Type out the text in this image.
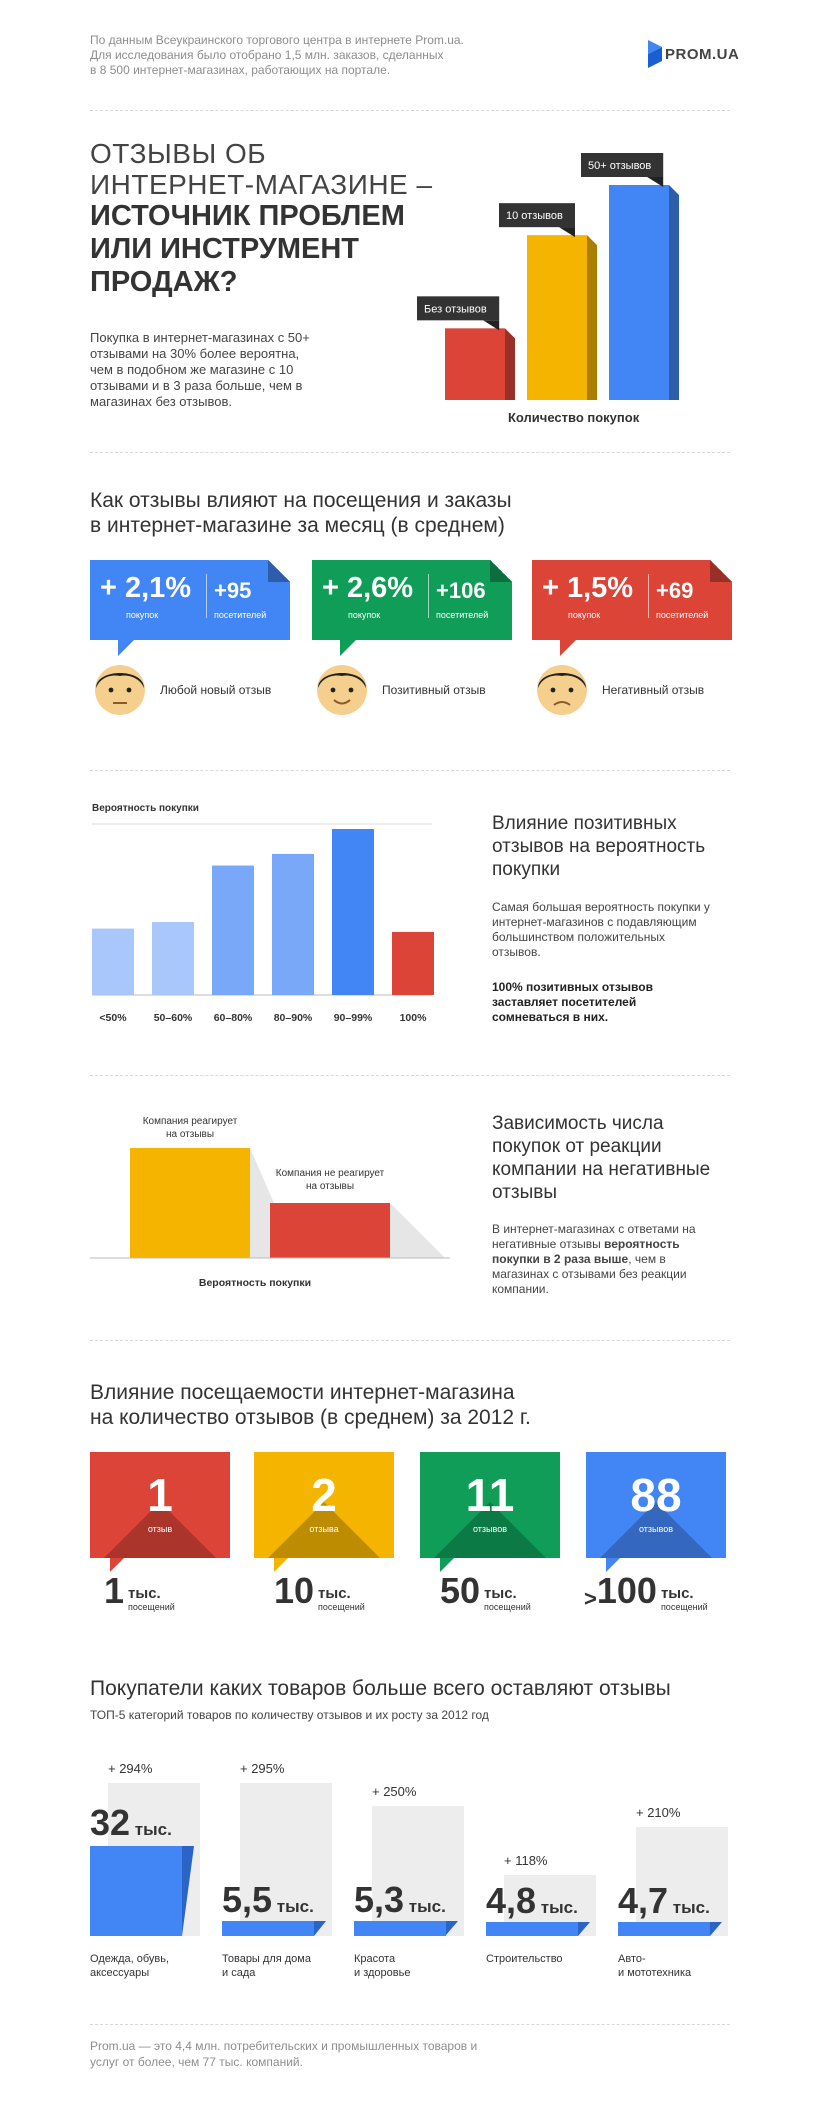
По данным Всеукраинского торгового центра в интернете Prom.ua.
Для исследования было отобрано 1,5 млн. заказов, сделанных
в 8 500 интернет-магазинах, работающих на портале.
PROM.UA
ОТЗЫВЫ ОБ
ИНТЕРНЕТ-МАГАЗИНЕ –
ИСТОЧНИК ПРОБЛЕМ
ИЛИ ИНСТРУМЕНТ
ПРОДАЖ?
Покупка в интернет-магазинах с 50+
отзывами на 30% более вероятна,
чем в подобном же магазине с 10
отзывами и в 3 раза больше, чем в
магазинах без отзывов.
Без отзывов
10 отзывов
50+ отзывов
Количество покупок
Как отзывы влияют на посещения и заказы
в интернет-магазине за месяц (в среднем)
+ 2,1%
покупок
+95
посетителей
Любой новый отзыв
+ 2,6%
покупок
+106
посетителей
Позитивный отзыв
+ 1,5%
покупок
+69
посетителей
Негативный отзыв
Вероятность покупки
<50%	50–60% 60–80% 80–90% 90–99%	100%
Влияние позитивных
отзывов на вероятность
покупки
Самая большая вероятность покупки у
интернет-магазинов с подавляющим
большинством положительных
отзывов.
100% позитивных отзывов
заставляет посетителей
сомневаться в них.
Компания реагирует
на отзывы
Компания не реагирует
на отзывы
Вероятность покупки
Зависимость числа
покупок от реакции
компании на негативные
отзывы
В интернет-магазинах с ответами на
негативные отзывы вероятность
покупки в 2 раза выше, чем в
магазинах с отзывами без реакции
компании.
Влияние посещаемости интернет-магазина
на количество отзывов (в среднем) за 2012 г.
1
отзыв
1 тыс.
посещений
2
отзыва
10 тыс.
посещений
11
отзывов
50 тыс.
посещений
88
отзывов
>100 тыс.
посещений
Покупатели каких товаров больше всего оставляют отзывы
ТОП-5 категорий товаров по количеству отзывов и их росту за 2012 год
+ 294%
32 тыс.
Одежда, обувь,
аксессуары
+ 295%
5,5 тыс.
Товары для дома
и сада
+ 250%
5,3 тыс.
Красота
и здоровье
+ 118%
4,8 тыс.
Строительство
+ 210%
4,7 тыс.
Авто-
и мототехника
Prom.ua — это 4,4 млн. потребительских и промышленных товаров и
услуг от более, чем 77 тыс. компаний.
